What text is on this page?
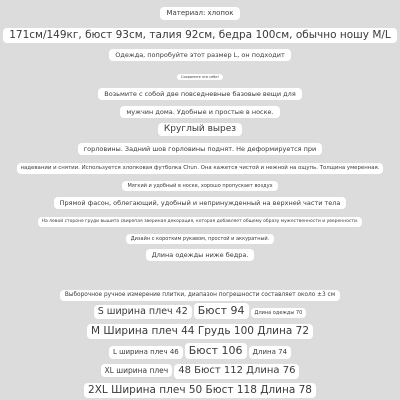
Материал: хлопок
171см/149кг, бюст 93см, талия 92см, бедра 100см, обычно ношу M/L
Одежда, попробуйте этот размер L, он подходит
Сохраните это себе!
Возьмите с собой две повседневные базовые вещи для
мужчин дома. Удобные и простые в носке.
Круглый вырез
горловины. Задний шов горловины поднят. Не деформируется при
надевании и снятии. Используется хлопковая футболка Chun. Она кажется чистой и нежной на ощупь. Толщина умеренная.
Мягкий и удобный в носке, хорошо пропускает воздух
Прямой фасон, облегающий, удобный и непринужденный на верхней части тела
На левой стороне груди вышита свирепая звериная декорация, которая добавляет общему образу мужественности и уверенности.
Дизайн с коротким рукавом, простой и аккуратный.
Длина одежды ниже бедра.
Выборочное ручное измерение плитки, диапазон погрешности составляет около ±3 см
S ширина плеч 42 Бюст 94 Длина одежды 70
M Ширина плеч 44 Грудь 100 Длина 72
L ширина плеч 46 Бюст 106 Длина 74
XL ширина плеч 48 Бюст 112 Длина 76
2XL Ширина плеч 50 Бюст 118 Длина 78
